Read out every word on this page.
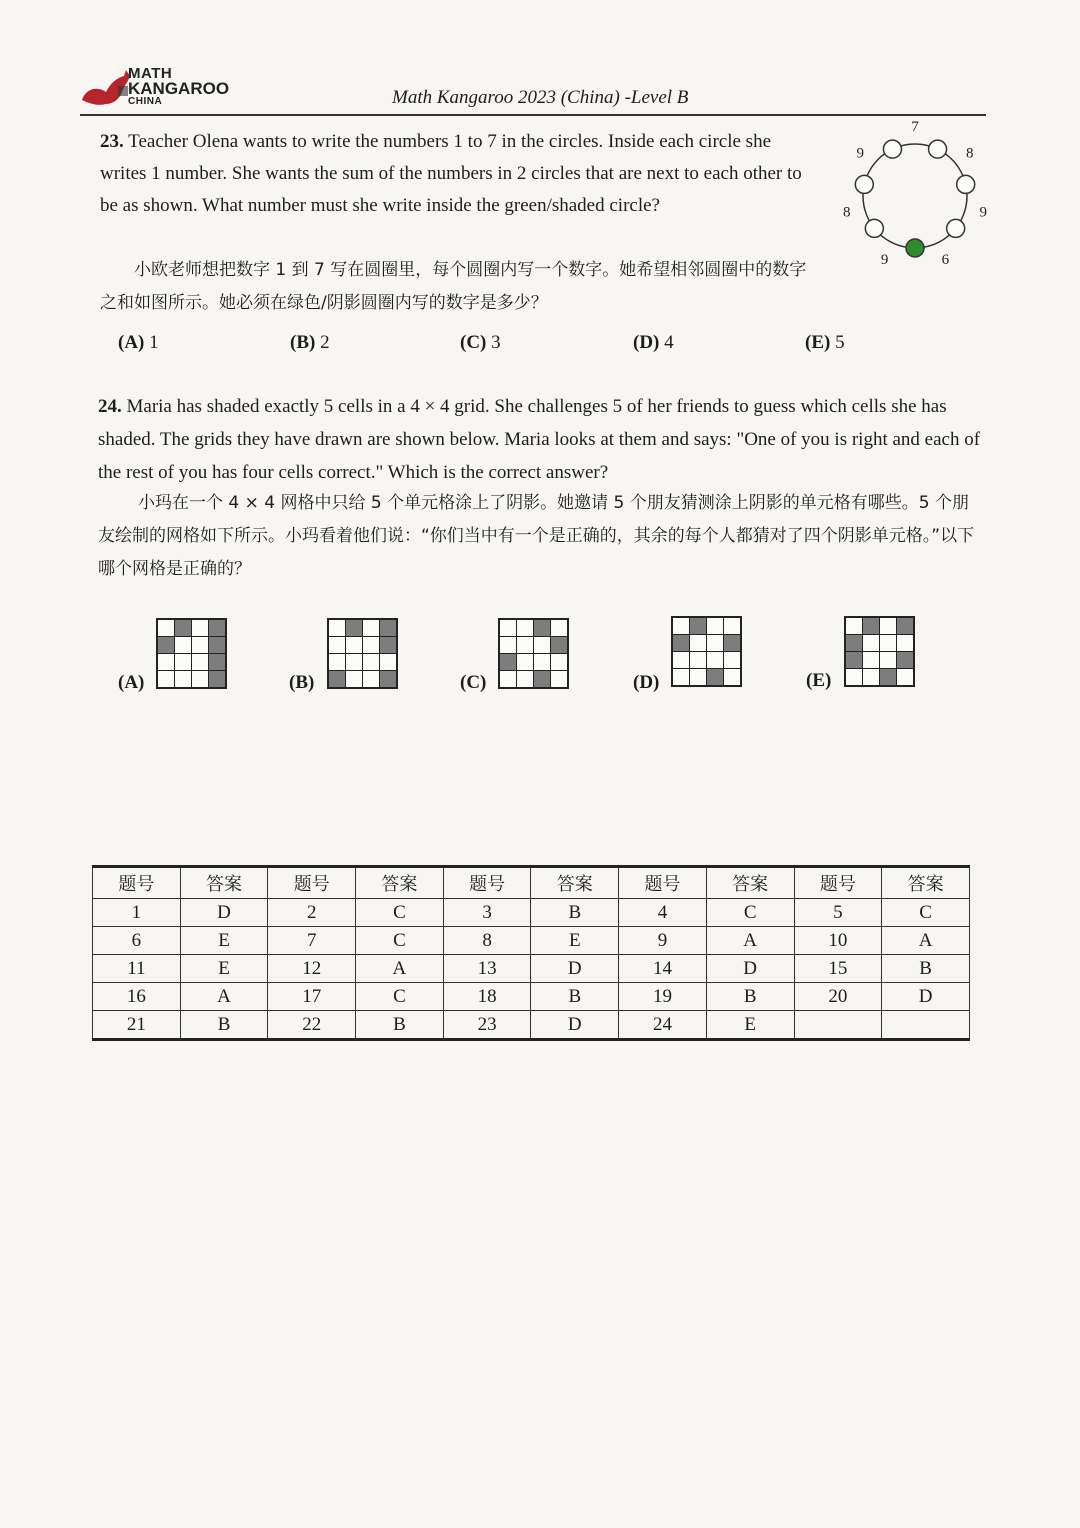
MATH
KANGAROO
CHINA	Math Kangaroo 2023 (China) -Level B
23. Teacher Olena wants to write the numbers 1 to 7 in the circles. Inside each circle she writes 1 number. She wants the sum of the numbers in 2 circles that are next to each other to be as shown. What number must she write inside the green/shaded circle?
小欧老师想把数字 1 到 7 写在圆圈里，每个圆圈内写一个数字。她希望相邻圆圈中的数字之和如图所示。她必须在绿色/阴影圆圈内写的数字是多少？
7
8
9
6
9
8
9
(A) 1	(B) 2	(C) 3	(D) 4	(E) 5
24. Maria has shaded exactly 5 cells in a 4 × 4 grid. She challenges 5 of her friends to guess which cells she has shaded. The grids they have drawn are shown below. Maria looks at them and says: "One of you is right and each of the rest of you has four cells correct." Which is the correct answer?
小玛在一个 4 × 4 网格中只给 5 个单元格涂上了阴影。她邀请 5 个朋友猜测涂上阴影的单元格有哪些。5 个朋友绘制的网格如下所示。小玛看着他们说：“你们当中有一个是正确的，其余的每个人都猜对了四个阴影单元格。”以下哪个网格是正确的？
(A)	(B)	(C)	(D)	(E)
题号	答案	题号	答案	题号	答案	题号	答案	题号	答案
1	D	2	C	3	B	4	C	5	C
6	E	7	C	8	E	9	A	10	A
11	E	12	A	13	D	14	D	15	B
16	A	17	C	18	B	19	B	20	D
21	B	22	B	23	D	24	E		
